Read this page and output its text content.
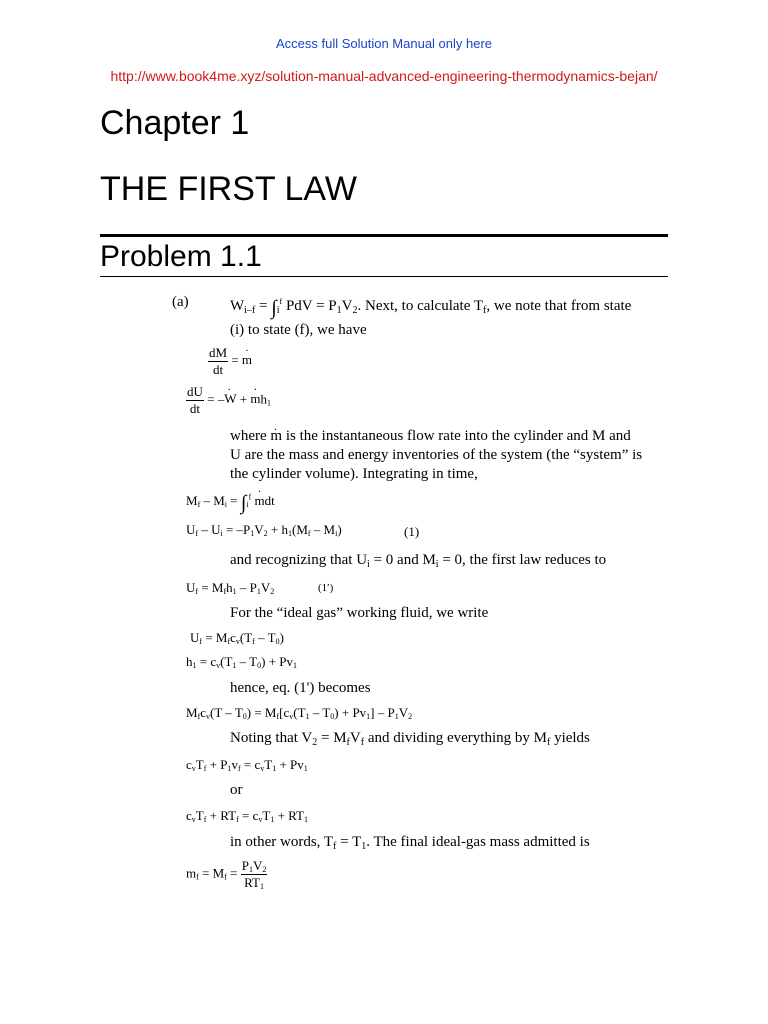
Access full Solution Manual only here
http://www.book4me.xyz/solution-manual-advanced-engineering-thermodynamics-bejan/
Chapter 1
THE FIRST LAW
Problem 1.1
(a)	$W_{i-f} = \int_i^f$ PdV = $P_1V_2$. Next, to calculate $T_f$, we note that from state
(i) to state (f), we have
$\frac{dM}{dt} = m$ ·
$\frac{dU}{dt} = -W$ · + $m \cdot h_1$
where m · is the instantaneous flow rate into the cylinder and M and
U are the mass and energy inventories of the system (the “system” is
the cylinder volume). Integrating in time,
$M_f - M_i = \int_i^f$ m ·dt
$U_f - U_i = -P_1V_2 + h_1(M_f - M_i)$	(1)
and recognizing that $U_i = 0$ and $M_i = 0$, the first law reduces to
$U_f = M_fh_1 - P_1V_2$	(1′)
For the “ideal gas” working fluid, we write
$U_f = M_fc_v(T_f - T_0)$
$h_1 = c_v(T_1 - T_0) + Pv_1$
hence, eq. (1') becomes
$M_fc_v(T - T_0) = M_f[c_v(T_1 - T_0) + Pv_1] - P_1V_2$
Noting that $V_2 = M_fV_f$ and dividing everything by $M_f$ yields
$c_vT_f + P_1v_f = c_vT_1 + Pv_1$
or
$c_vT_f + RT_f = c_vT_1 + RT_1$
in other words, $T_f = T_1$. The final ideal-gas mass admitted is
$m_f = M_f = \frac{P_1V_2}{RT_1}$
